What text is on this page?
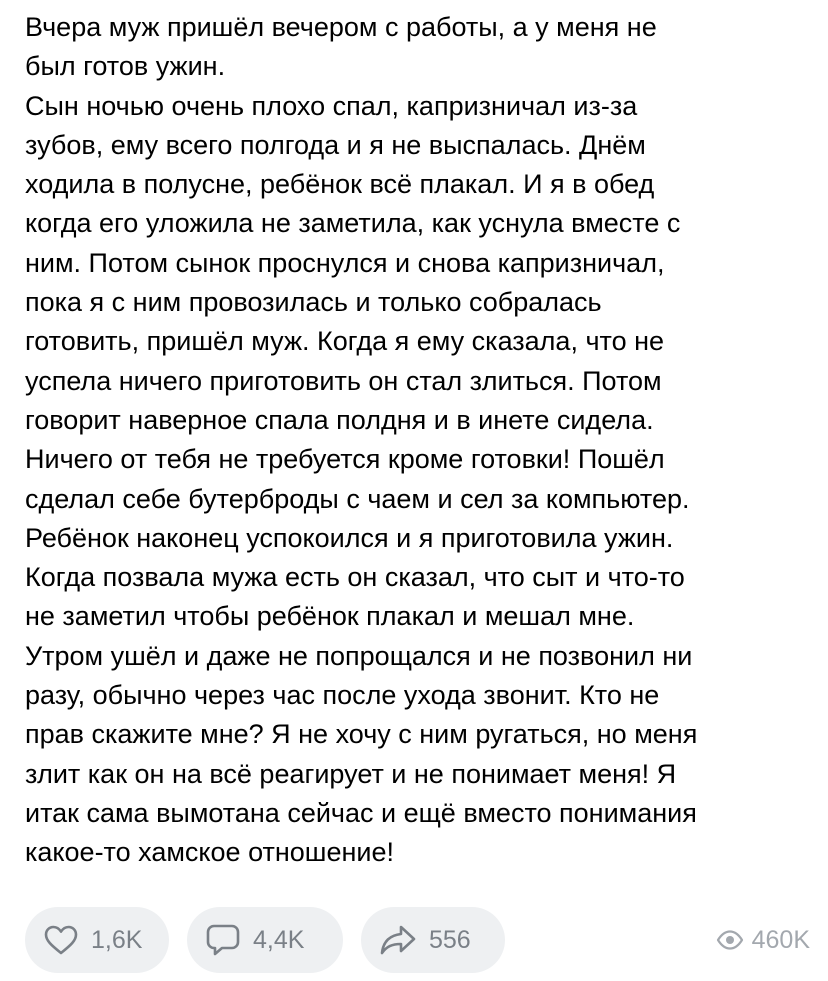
Вчера муж пришёл вечером с работы, а у меня не
был готов ужин.
Сын ночью очень плохо спал, капризничал из-за
зубов, ему всего полгода и я не выспалась. Днём
ходила в полусне, ребёнок всё плакал. И я в обед
когда его уложила не заметила, как уснула вместе с
ним. Потом сынок проснулся и снова капризничал,
пока я с ним провозилась и только собралась
готовить, пришёл муж. Когда я ему сказала, что не
успела ничего приготовить он стал злиться. Потом
говорит наверное спала полдня и в инете сидела.
Ничего от тебя не требуется кроме готовки! Пошёл
сделал себе бутерброды с чаем и сел за компьютер.
Ребёнок наконец успокоился и я приготовила ужин.
Когда позвала мужа есть он сказал, что сыт и что-то
не заметил чтобы ребёнок плакал и мешал мне.
Утром ушёл и даже не попрощался и не позвонил ни
разу, обычно через час после ухода звонит. Кто не
прав скажите мне? Я не хочу с ним ругаться, но меня
злит как он на всё реагирует и не понимает меня! Я
итак сама вымотана сейчас и ещё вместо понимания
какое-то хамское отношение!

1,6K	4,4K	556	460K
